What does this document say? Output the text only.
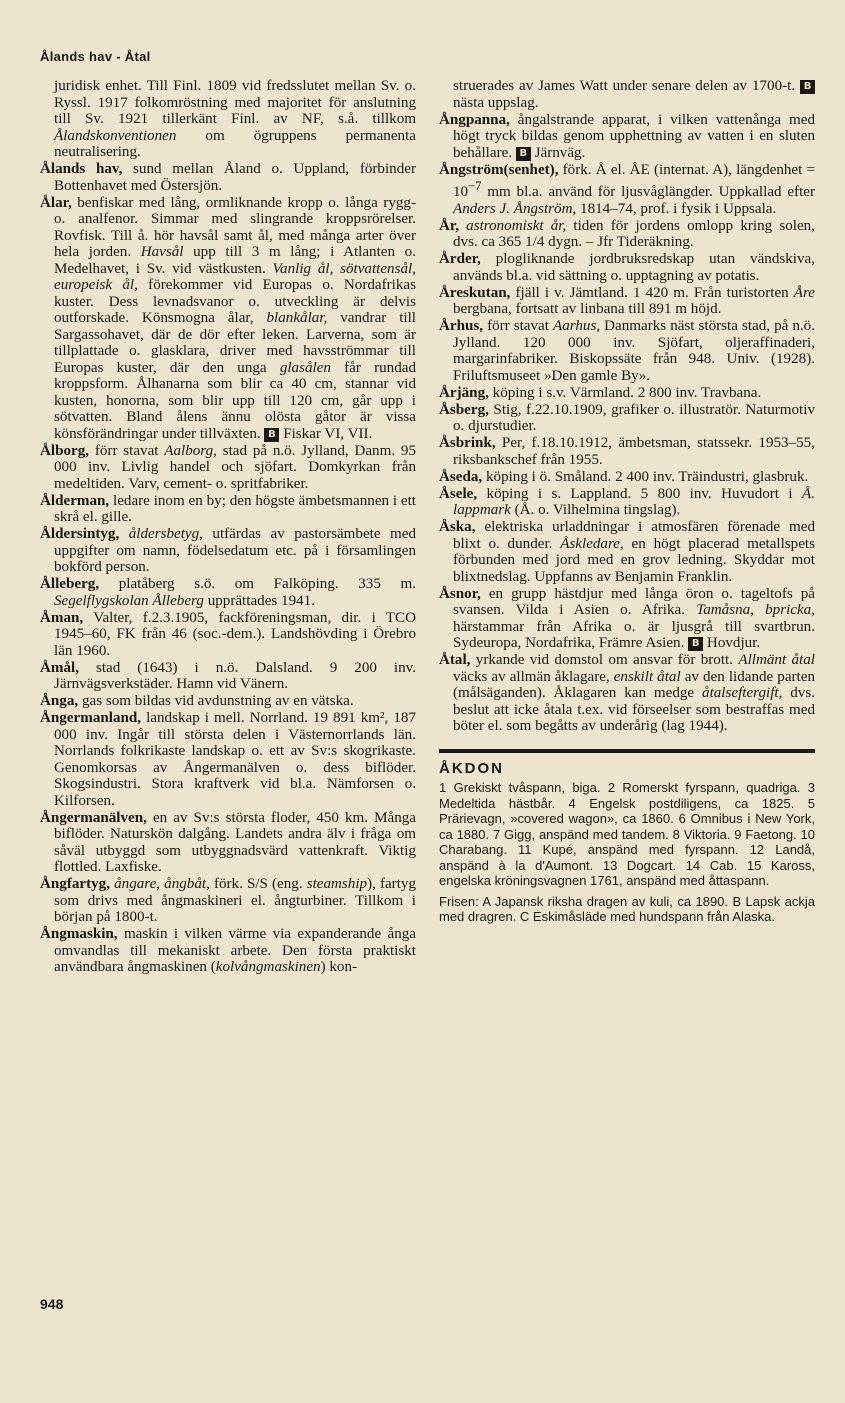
Ålands hav - Åtal

juridisk enhet. Till Finl. 1809 vid fredsslutet mellan Sv. o. Ryssl. 1917 folkomröstning med majoritet för anslutning till Sv. 1921 tillerkänt Finl. av NF, s.å. tillkom Ålandskonventionen om ögruppens permanenta neutralisering.

Ålands hav, sund mellan Åland o. Uppland, förbinder Bottenhavet med Östersjön.

Ålar, benfiskar med lång, ormliknande kropp o. långa rygg- o. analfenor. Simmar med slingrande kroppsrörelser. Rovfisk. Till å. hör havsål samt ål, med många arter över hela jorden. Havsål upp till 3 m lång; i Atlanten o. Medelhavet, i Sv. vid västkusten. Vanlig ål, sötvattensål, europeisk ål, förekommer vid Europas o. Nordafrikas kuster. Dess levnadsvanor o. utveckling är delvis outforskade. Könsmogna ålar, blankålar, vandrar till Sargassohavet, där de dör efter leken. Larverna, som är tillplattade o. glasklara, driver med havsströmmar till Europas kuster, där den unga glasålen får rundad kroppsform. Ålhanarna som blir ca 40 cm, stannar vid kusten, honorna, som blir upp till 120 cm, går upp i sötvatten. Bland ålens ännu olösta gåtor är vissa könsförändringar under tillväxten. B Fiskar VI, VII.

Ålborg, förr stavat Aalborg, stad på n.ö. Jylland, Danm. 95 000 inv. Livlig handel och sjöfart. Domkyrkan från medeltiden. Varv, cement- o. spritfabriker.

Ålderman, ledare inom en by; den högste ämbetsmannen i ett skrå el. gille.

Åldersintyg, åldersbetyg, utfärdas av pastorsämbete med uppgifter om namn, födelsedatum etc. på i församlingen bokförd person.

Ålleberg, platåberg s.ö. om Falköping. 335 m. Segelflygskolan Ålleberg upprättades 1941.

Åman, Valter, f.2.3.1905, fackföreningsman, dir. i TCO 1945–60, FK från 46 (soc.-dem.). Landshövding i Örebro län 1960.

Åmål, stad (1643) i n.ö. Dalsland. 9 200 inv. Järnvägsverkstäder. Hamn vid Vänern.

Ånga, gas som bildas vid avdunstning av en vätska.

Ångermanland, landskap i mell. Norrland. 19 891 km², 187 000 inv. Ingår till största delen i Västernorrlands län. Norrlands folkrikaste landskap o. ett av Sv:s skogrikaste. Genomkorsas av Ångermanälven o. dess biflöder. Skogsindustri. Stora kraftverk vid bl.a. Nämforsen o. Kilforsen.

Ångermanälven, en av Sv:s största floder, 450 km. Många biflöder. Naturskön dalgång. Landets andra älv i fråga om såväl utbyggd som utbyggnadsvärd vattenkraft. Viktig flottled. Laxfiske.

Ångfartyg, ångare, ångbåt, förk. S/S (eng. steamship), fartyg som drivs med ångmaskineri el. ångturbiner. Tillkom i början på 1800-t.

Ångmaskin, maskin i vilken värme via expanderande ånga omvandlas till mekaniskt arbete. Den första praktiskt användbara ångmaskinen (kolvångmaskinen) kon-

struerades av James Watt under senare delen av 1700-t. B nästa uppslag.

Ångpanna, ångalstrande apparat, i vilken vattenånga med högt tryck bildas genom upphettning av vatten i en sluten behållare. B Järnväg.

Ångström(senhet), förk. Å el. ÅE (internat. A), längdenhet = $10^{-7}$ mm bl.a. använd för ljusvåglängder. Uppkallad efter Anders J. Ångström, 1814–74, prof. i fysik i Uppsala.

År, astronomiskt år, tiden för jordens omlopp kring solen, dvs. ca 365 1/4 dygn. – Jfr Tideräkning.

Årder, plogliknande jordbruksredskap utan vändskiva, används bl.a. vid sättning o. upptagning av potatis.

Åreskutan, fjäll i v. Jämtland. 1 420 m. Från turistorten Åre bergbana, fortsatt av linbana till 891 m höjd.

Århus, förr stavat Aarhus, Danmarks näst största stad, på n.ö. Jylland. 120 000 inv. Sjöfart, oljeraffinaderi, margarinfabriker. Biskopssäte från 948. Univ. (1928). Friluftsmuseet »Den gamle By».

Årjäng, köping i s.v. Värmland. 2 800 inv. Travbana.

Åsberg, Stig, f.22.10.1909, grafiker o. illustratör. Naturmotiv o. djurstudier.

Åsbrink, Per, f.18.10.1912, ämbetsman, statssekr. 1953–55, riksbankschef från 1955.

Åseda, köping i ö. Småland. 2 400 inv. Träindustri, glasbruk.

Åsele, köping i s. Lappland. 5 800 inv. Huvudort i Å. lappmark (Å. o. Vilhelmina tingslag).

Åska, elektriska urladdningar i atmosfären förenade med blixt o. dunder. Åskledare, en högt placerad metallspets förbunden med jord med en grov ledning. Skyddar mot blixtnedslag. Uppfanns av Benjamin Franklin.

Åsnor, en grupp hästdjur med långa öron o. tageltofs på svansen. Vilda i Asien o. Afrika. Tamåsna, bpricka, härstammar från Afrika o. är ljusgrå till svartbrun. Sydeuropa, Nordafrika, Främre Asien. B Hovdjur.

Åtal, yrkande vid domstol om ansvar för brott. Allmänt åtal väcks av allmän åklagare, enskilt åtal av den lidande parten (målsäganden). Åklagaren kan medge åtalseftergift, dvs. beslut att icke åtala t.ex. vid förseelser som bestraffas med böter el. som begåtts av underårig (lag 1944).

ÅKDON

1 Grekiskt tvåspann, biga. 2 Romerskt fyrspann, quadriga. 3 Medeltida hästbår. 4 Engelsk postdiligens, ca 1825. 5 Prärievagn, »covered wagon», ca 1860. 6 Omnibus i New York, ca 1880. 7 Gigg, anspänd med tandem. 8 Viktoria. 9 Faetong. 10 Charabang. 11 Kupé, anspänd med fyrspann. 12 Landå, anspänd à la d'Aumont. 13 Dogcart. 14 Cab. 15 Kaross, engelska kröningsvagnen 1761, anspänd med åttaspann.

Frisen: A Japansk riksha dragen av kuli, ca 1890. B Lapsk ackja med dragren. C Eskimåsläde med hundspann från Alaska.

948
